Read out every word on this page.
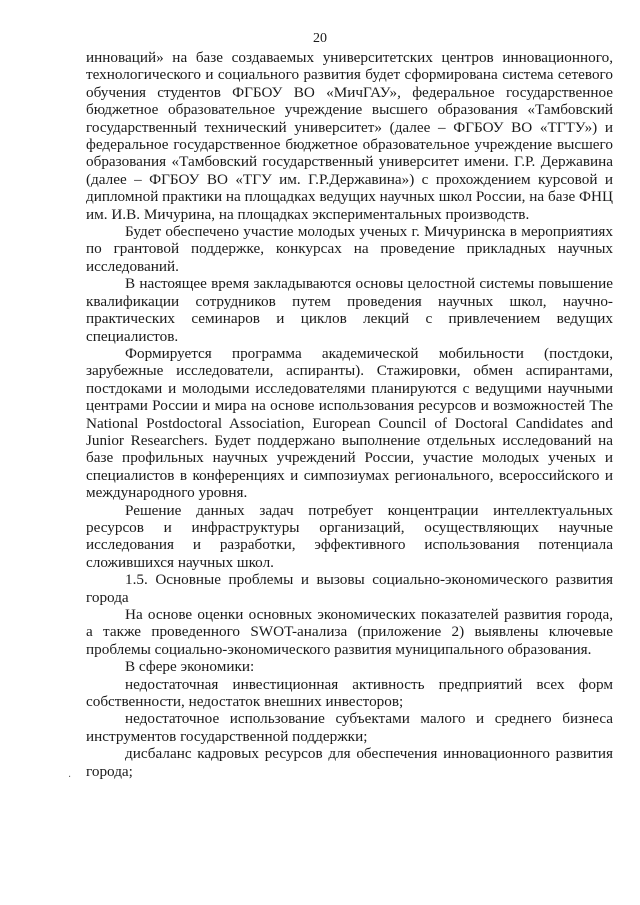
20

инноваций» на базе создаваемых университетских центров инновационного, технологического и социального развития будет сформирована система сетевого обучения студентов ФГБОУ ВО «МичГАУ», федеральное государственное бюджетное образовательное учреждение высшего образования «Тамбовский государственный технический университет» (далее – ФГБОУ ВО «ТГТУ») и федеральное государственное бюджетное образовательное учреждение высшего образования «Тамбовский государственный университет имени. Г.Р. Державина (далее – ФГБОУ ВО «ТГУ им. Г.Р.Державина») с прохождением курсовой и дипломной практики на площадках ведущих научных школ России, на базе ФНЦ им. И.В. Мичурина, на площадках экспериментальных производств.

Будет обеспечено участие молодых ученых г. Мичуринска в мероприятиях по грантовой поддержке, конкурсах на проведение прикладных научных исследований.

В настоящее время закладываются основы целостной системы повышение квалификации сотрудников путем проведения научных школ, научно-практических семинаров и циклов лекций с привлечением ведущих специалистов.

Формируется программа академической мобильности (постдоки, зарубежные исследователи, аспиранты). Стажировки, обмен аспирантами, постдоками и молодыми исследователями планируются с ведущими научными центрами России и мира на основе использования ресурсов и возможностей The National Postdoctoral Association, European Council of Doctoral Candidates and Junior Researchers. Будет поддержано выполнение отдельных исследований на базе профильных научных учреждений России, участие молодых ученых и специалистов в конференциях и симпозиумах регионального, всероссийского и международного уровня.

Решение данных задач потребует концентрации интеллектуальных ресурсов и инфраструктуры организаций, осуществляющих научные исследования и разработки, эффективного использования потенциала сложившихся научных школ.

1.5. Основные проблемы и вызовы социально-экономического развития города

На основе оценки основных экономических показателей развития города, а также проведенного SWOT-анализа (приложение 2) выявлены ключевые проблемы социально-экономического развития муниципального образования.

В сфере экономики:

недостаточная инвестиционная активность предприятий всех форм собственности, недостаток внешних инвесторов;

недостаточное использование субъектами малого и среднего бизнеса инструментов государственной поддержки;

дисбаланс кадровых ресурсов для обеспечения инновационного развития города;

·
